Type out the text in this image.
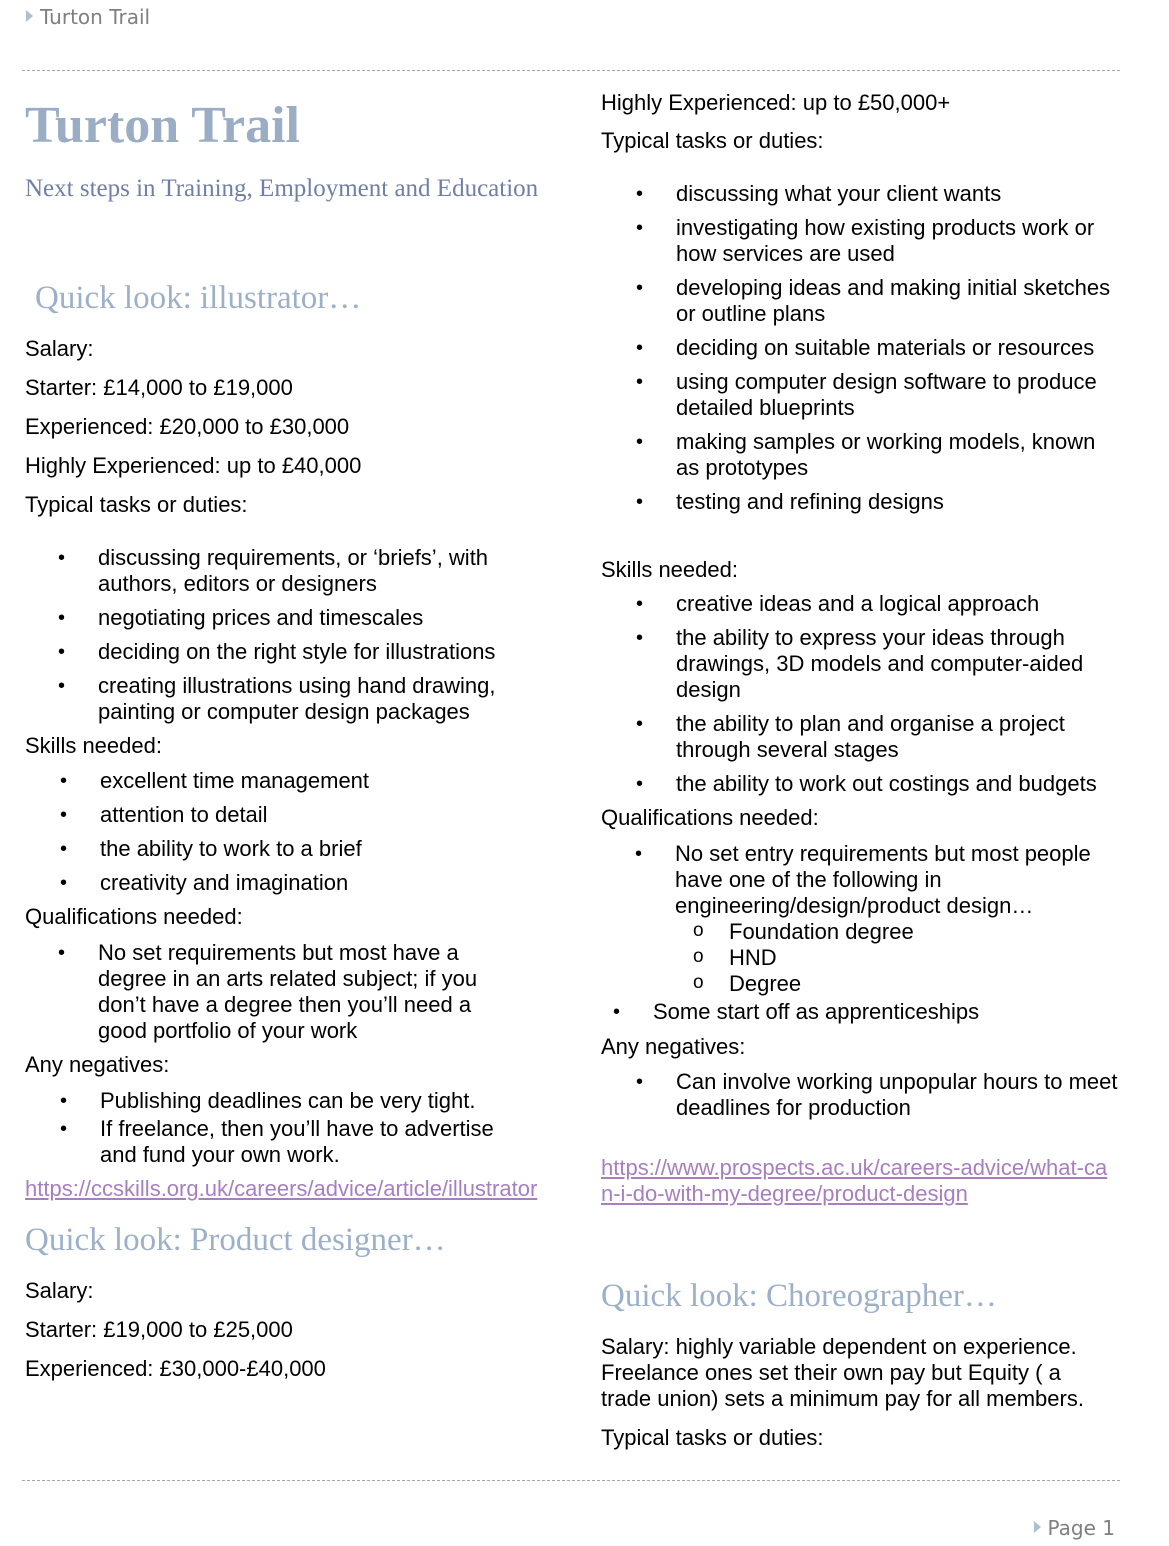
Turton Trail
Turton Trail
Next steps in Training, Employment and Education
Quick look: illustrator…

Salary:

Starter: £14,000 to £19,000

Experienced: £20,000 to £30,000

Highly Experienced: up to £40,000

Typical tasks or duties:

• discussing requirements, or ‘briefs’, with authors, editors or designers
• negotiating prices and timescales
• deciding on the right style for illustrations
• creating illustrations using hand drawing, painting or computer design packages

Skills needed:

• excellent time management
• attention to detail
• the ability to work to a brief
• creativity and imagination

Qualifications needed:

• No set requirements but most have a degree in an arts related subject; if you don’t have a degree then you’ll need a good portfolio of your work

Any negatives:

• Publishing deadlines can be very tight.
• If freelance, then you’ll have to advertise and fund your own work.
https://ccskills.org.uk/careers/advice/article/illustrator
Quick look: Product designer…

Salary:

Starter: £19,000 to £25,000

Experienced: £30,000-£40,000

Highly Experienced: up to £50,000+

Typical tasks or duties:

• discussing what your client wants
• investigating how existing products work or how services are used
• developing ideas and making initial sketches or outline plans
• deciding on suitable materials or resources
• using computer design software to produce detailed blueprints
• making samples or working models, known as prototypes
• testing and refining designs

Skills needed:

• creative ideas and a logical approach
• the ability to express your ideas through drawings, 3D models and computer-aided design
• the ability to plan and organise a project through several stages
• the ability to work out costings and budgets

Qualifications needed:

• No set entry requirements but most people have one of the following in engineering/design/product design…
o Foundation degree
o HND
o Degree
• Some start off as apprenticeships

Any negatives:

• Can involve working unpopular hours to meet deadlines for production
https://www.prospects.ac.uk/careers-advice/what-can-i-do-with-my-degree/product-design
Quick look: Choreographer…

Salary: highly variable dependent on experience. Freelance ones set their own pay but Equity ( a trade union) sets a minimum pay for all members.

Typical tasks or duties:

Page 1
